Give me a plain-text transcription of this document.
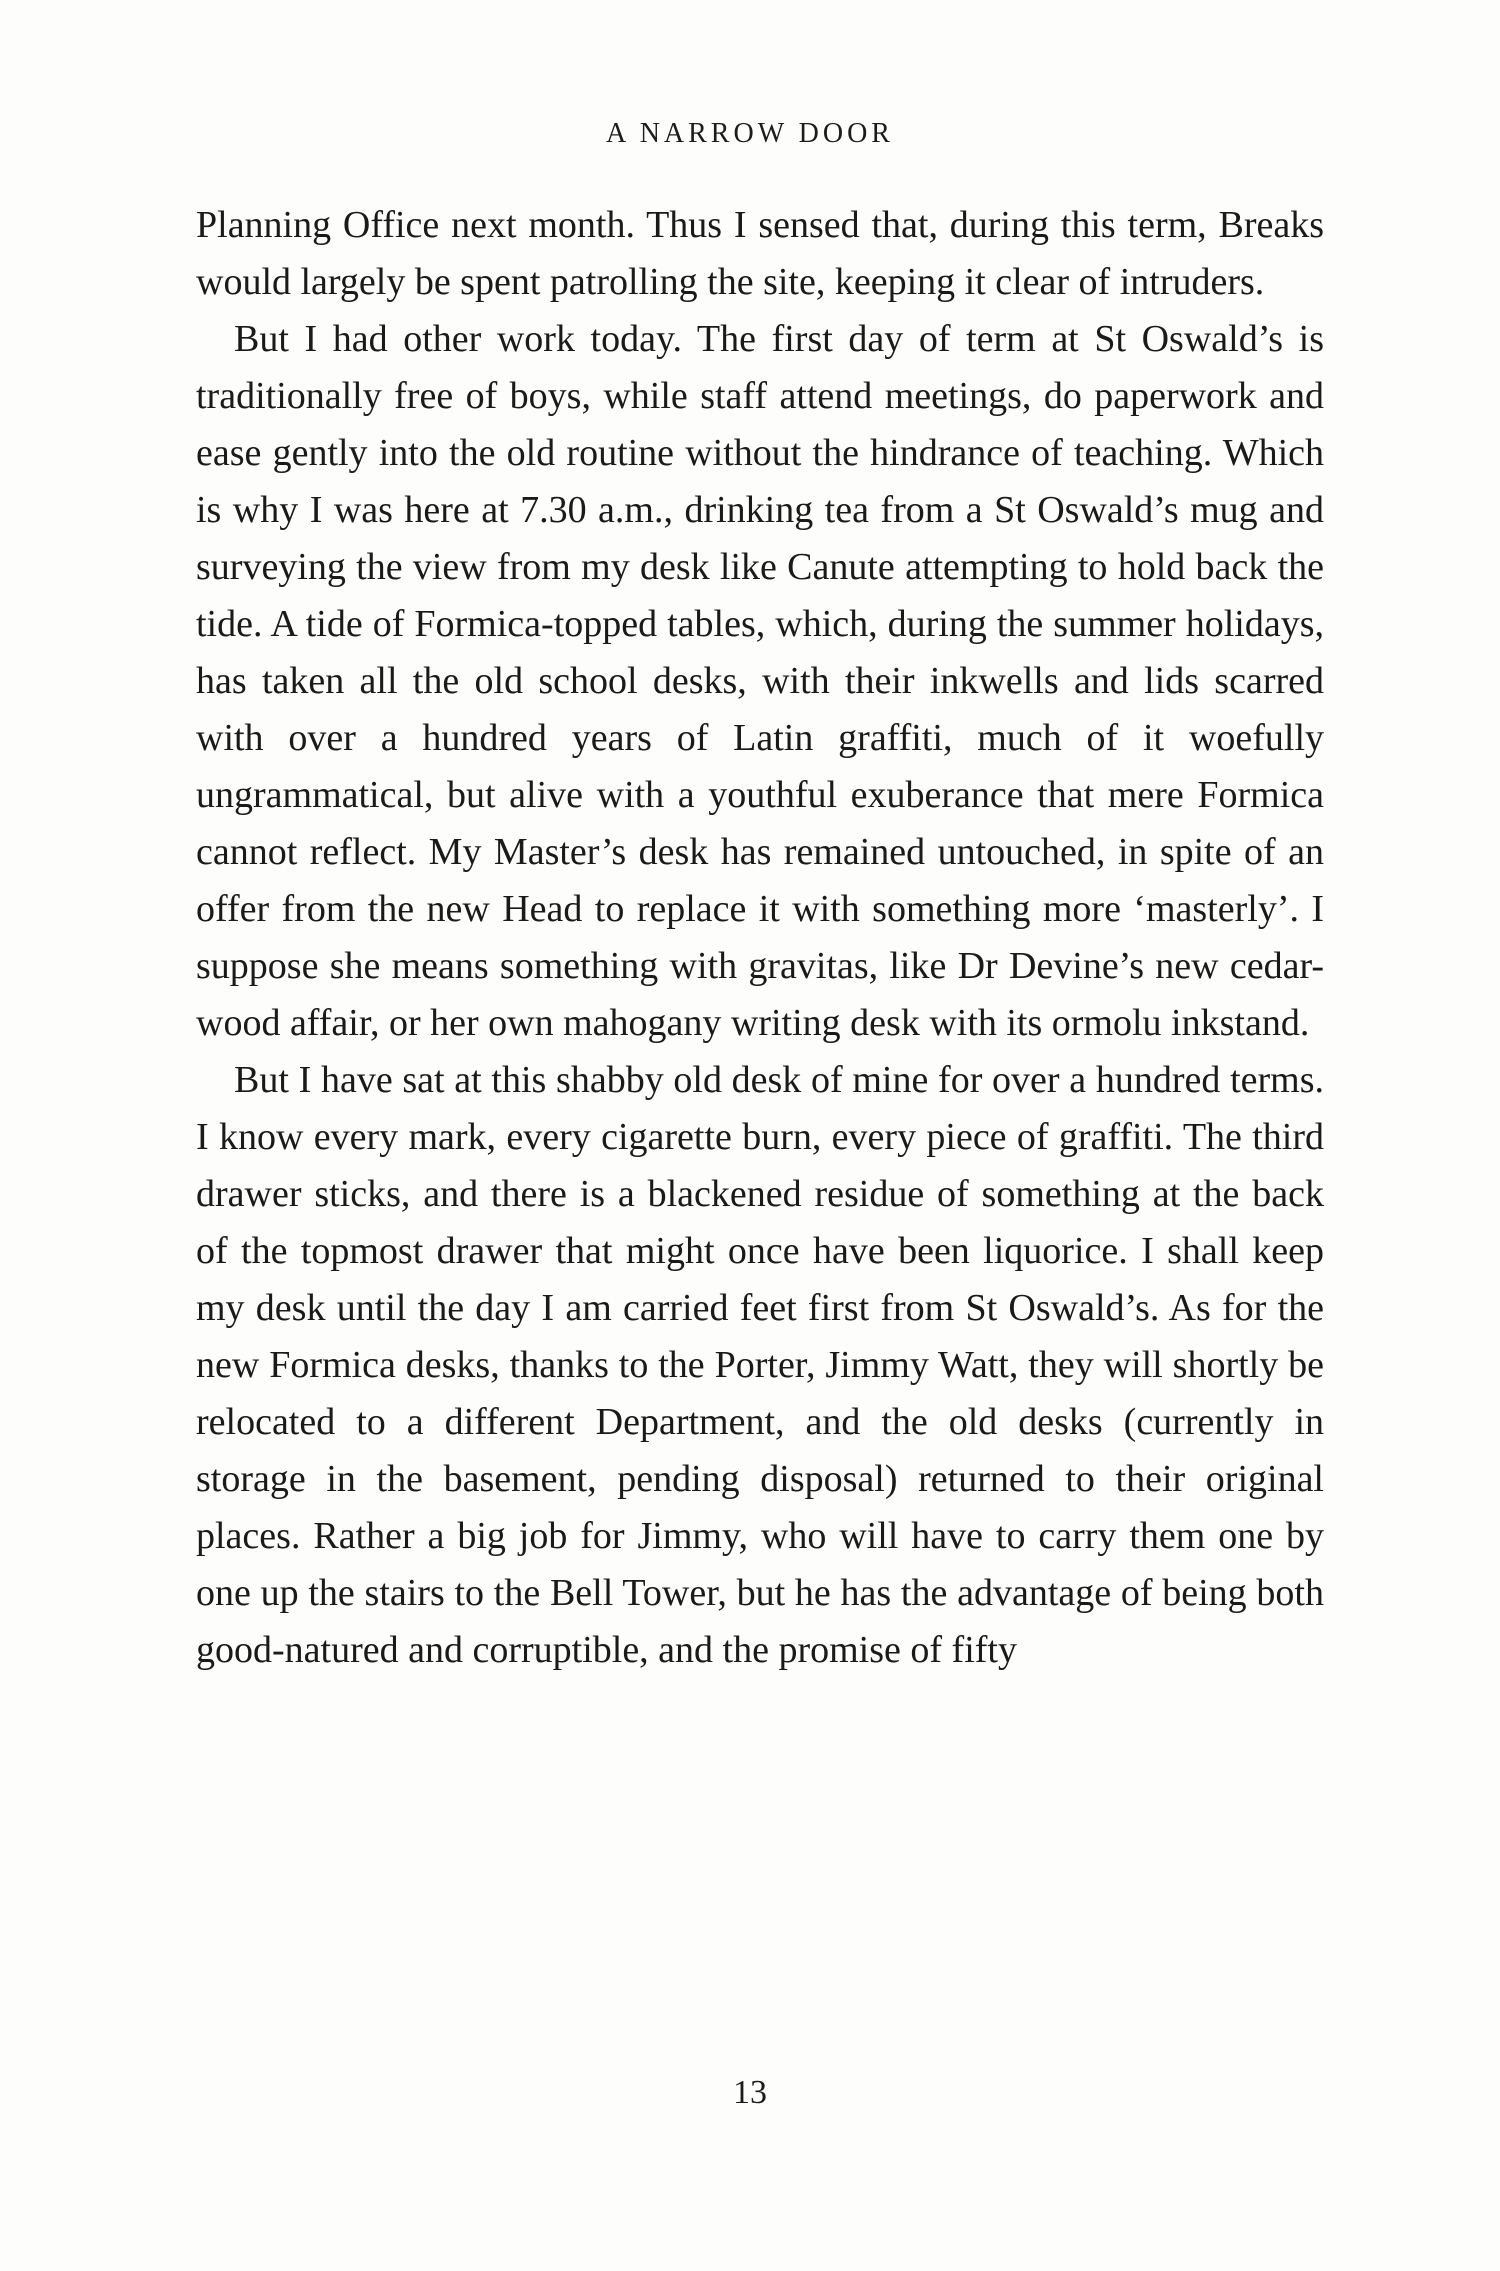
A NARROW DOOR

Planning Office next month. Thus I sensed that, during this term, Breaks would largely be spent patrolling the site, keeping it clear of intruders.

But I had other work today. The first day of term at St Oswald’s is traditionally free of boys, while staff attend meetings, do paperwork and ease gently into the old routine without the hindrance of teaching. Which is why I was here at 7.30 a.m., drinking tea from a St Oswald’s mug and surveying the view from my desk like Canute attempting to hold back the tide. A tide of Formica-topped tables, which, during the summer holidays, has taken all the old school desks, with their inkwells and lids scarred with over a hundred years of Latin graffiti, much of it woefully ungrammatical, but alive with a youthful exuberance that mere Formica cannot reflect. My Master’s desk has remained untouched, in spite of an offer from the new Head to replace it with something more ‘masterly’. I suppose she means something with gravitas, like Dr Devine’s new cedar-wood affair, or her own mahogany writing desk with its ormolu inkstand.

But I have sat at this shabby old desk of mine for over a hundred terms. I know every mark, every cigarette burn, every piece of graffiti. The third drawer sticks, and there is a blackened residue of something at the back of the topmost drawer that might once have been liquorice. I shall keep my desk until the day I am carried feet first from St Oswald’s. As for the new Formica desks, thanks to the Porter, Jimmy Watt, they will shortly be relocated to a different Department, and the old desks (currently in storage in the basement, pending disposal) returned to their original places. Rather a big job for Jimmy, who will have to carry them one by one up the stairs to the Bell Tower, but he has the advantage of being both good-natured and corruptible, and the promise of fifty

13
